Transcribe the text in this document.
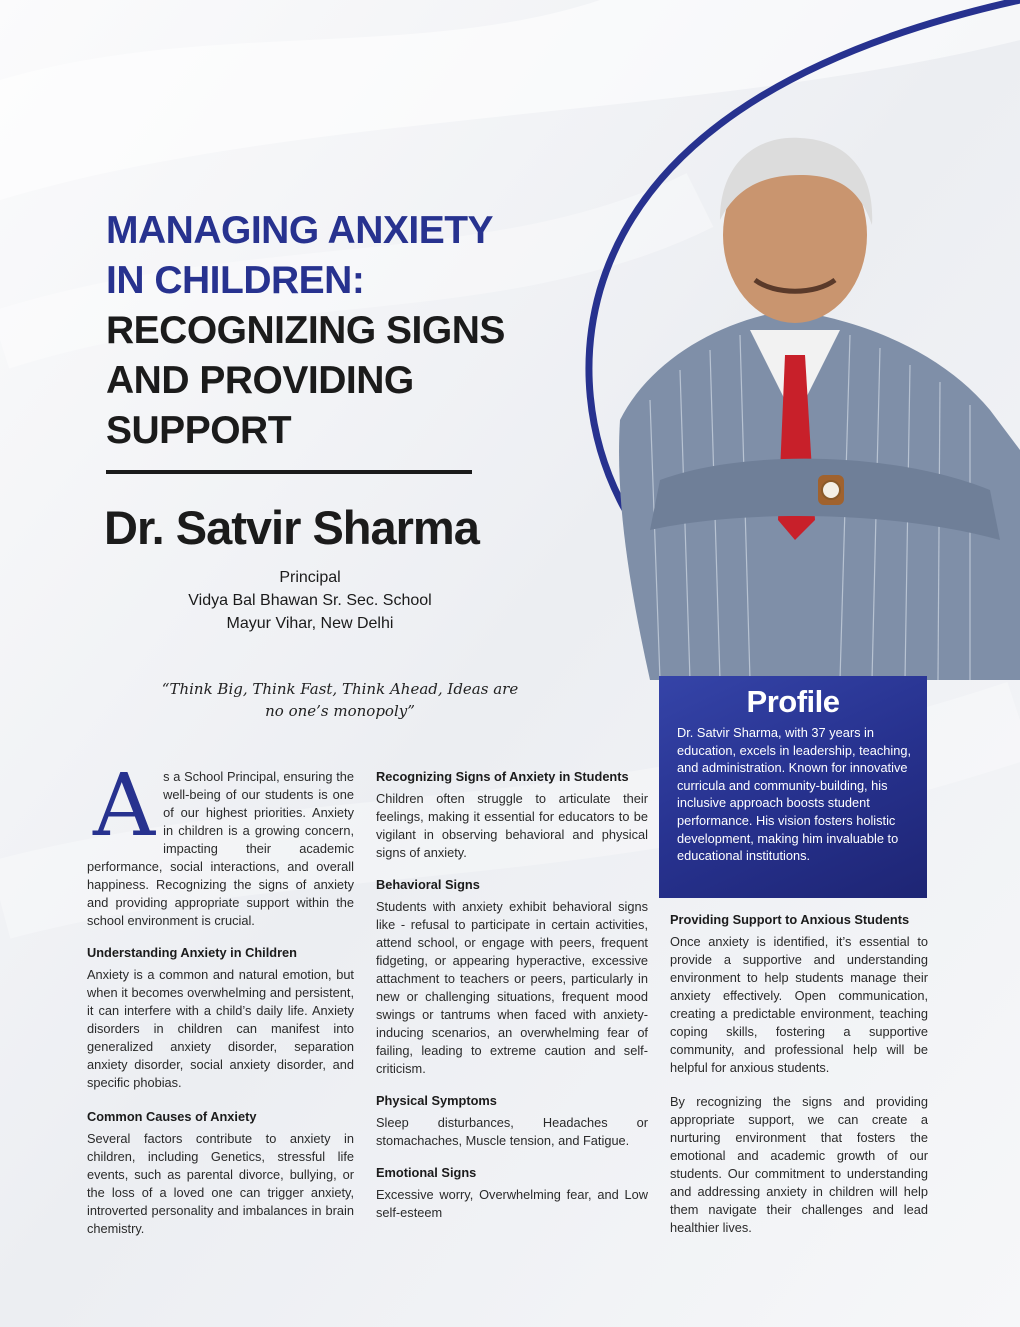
MANAGING ANXIETY
IN CHILDREN:
RECOGNIZING SIGNS
AND PROVIDING
SUPPORT
Dr. Satvir Sharma
Principal
Vidya Bal Bhawan Sr. Sec. School
Mayur Vihar, New Delhi
“Think Big, Think Fast, Think Ahead, Ideas are
no one’s monopoly”	Profile

Dr. Satvir Sharma, with 37 years in education, excels in leadership, teaching, and administration. Known for innovative curricula and community-building, his inclusive approach boosts student performance. His vision fosters holistic development, making him invaluable to educational institutions.

As a School Principal, ensuring the well-being of our students is one of our highest priorities. Anxiety in children is a growing concern, impacting their academic performance, social interactions, and overall happiness. Recognizing the signs of anxiety and providing appropriate support within the school environment is crucial.

Understanding Anxiety in Children

Anxiety is a common and natural emotion, but when it becomes overwhelming and persistent, it can interfere with a child’s daily life. Anxiety disorders in children can manifest into generalized anxiety disorder, separation anxiety disorder, social anxiety disorder, and specific phobias.

Common Causes of Anxiety

Several factors contribute to anxiety in children, including Genetics, stressful life events, such as parental divorce, bullying, or the loss of a loved one can trigger anxiety, introverted personality and imbalances in brain chemistry.

Recognizing Signs of Anxiety in Students

Children often struggle to articulate their feelings, making it essential for educators to be vigilant in observing behavioral and physical signs of anxiety.

Behavioral Signs

Students with anxiety exhibit behavioral signs like - refusal to participate in certain activities, attend school, or engage with peers, frequent fidgeting, or appearing hyperactive, excessive attachment to teachers or peers, particularly in new or challenging situations, frequent mood swings or tantrums when faced with anxiety-inducing scenarios, an overwhelming fear of failing, leading to extreme caution and self-criticism.

Physical Symptoms

Sleep disturbances, Headaches or stomachaches, Muscle tension, and Fatigue.

Emotional Signs

Excessive worry, Overwhelming fear, and Low self-esteem

Providing Support to Anxious Students

Once anxiety is identified, it’s essential to provide a supportive and understanding environment to help students manage their anxiety effectively. Open communication, creating a predictable environment, teaching coping skills, fostering a supportive community, and professional help will be helpful for anxious students.

By recognizing the signs and providing appropriate support, we can create a nurturing environment that fosters the emotional and academic growth of our students. Our commitment to understanding and addressing anxiety in children will help them navigate their challenges and lead healthier lives.
